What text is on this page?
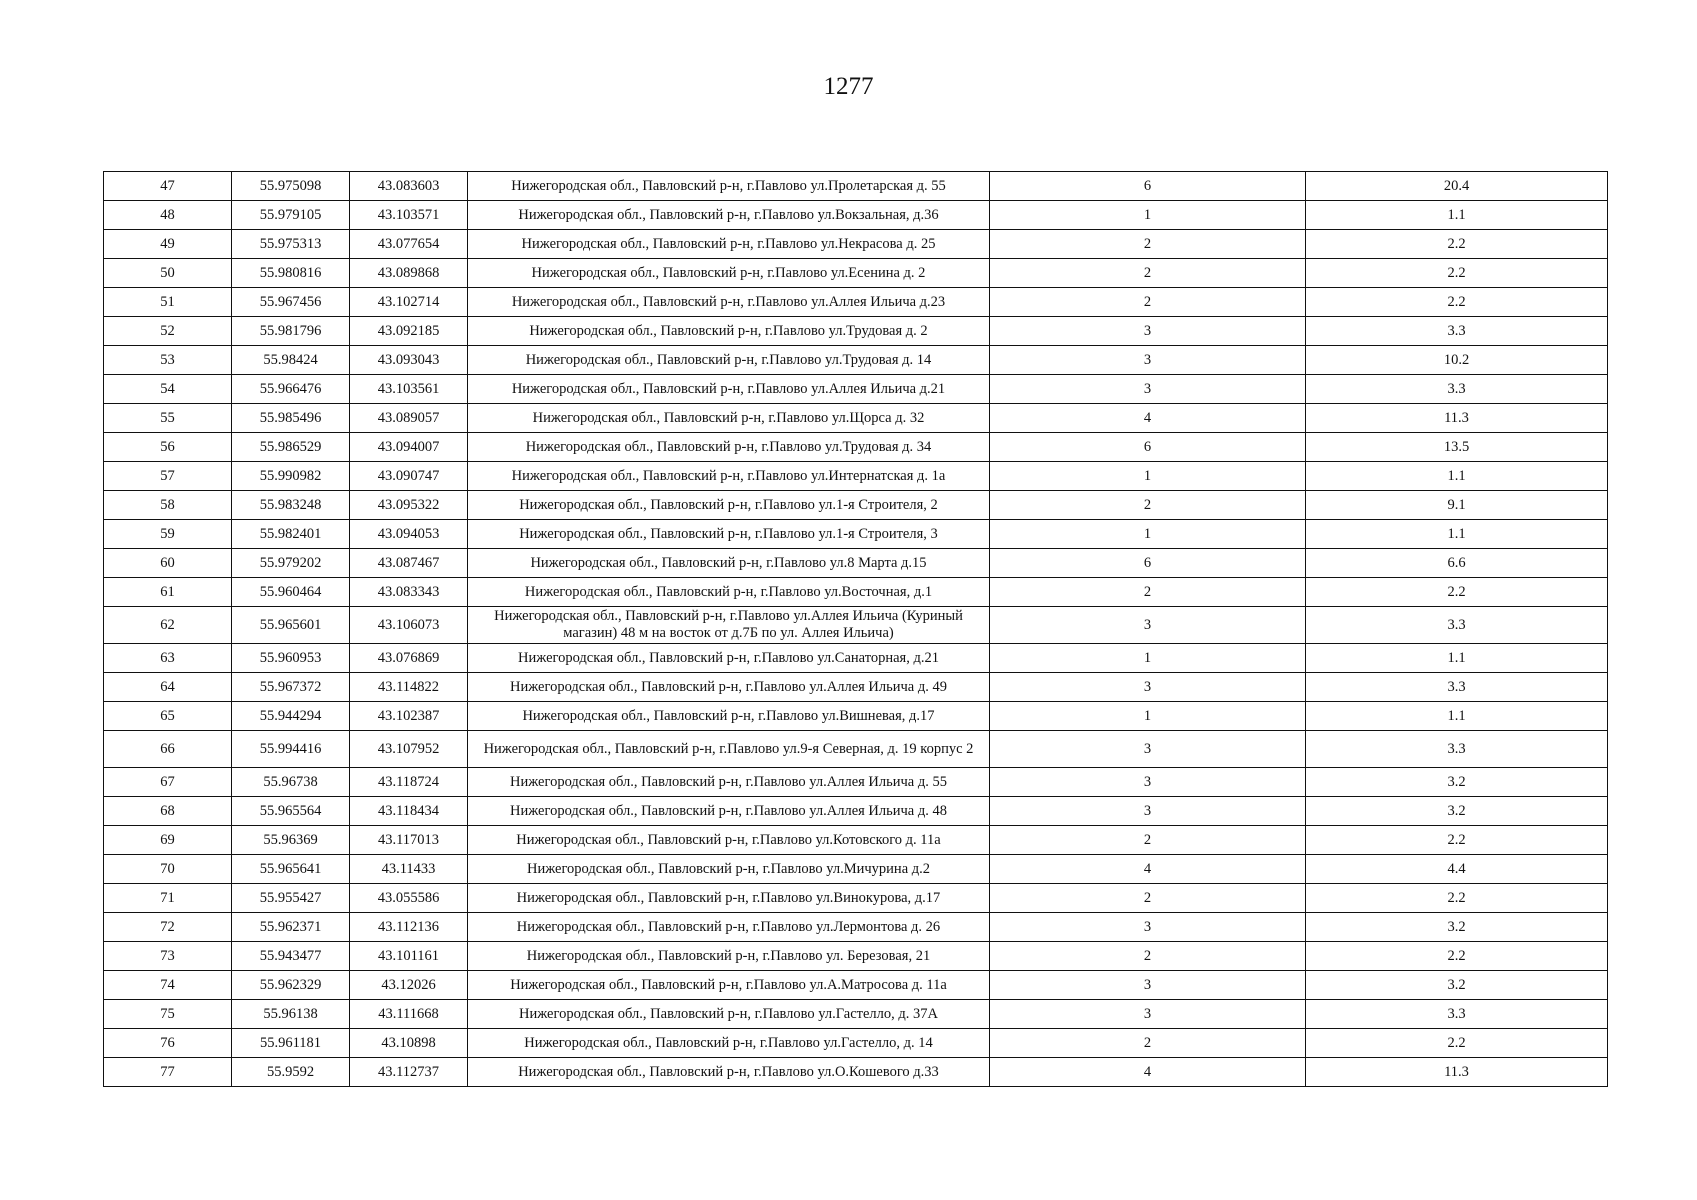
1277
47	55.975098	43.083603	Нижегородская обл., Павловский р-н, г.Павлово ул.Пролетарская д. 55	6	20.4
48	55.979105	43.103571	Нижегородская обл., Павловский р-н, г.Павлово ул.Вокзальная, д.36	1	1.1
49	55.975313	43.077654	Нижегородская обл., Павловский р-н, г.Павлово ул.Некрасова д. 25	2	2.2
50	55.980816	43.089868	Нижегородская обл., Павловский р-н, г.Павлово ул.Есенина д. 2	2	2.2
51	55.967456	43.102714	Нижегородская обл., Павловский р-н, г.Павлово ул.Аллея Ильича д.23	2	2.2
52	55.981796	43.092185	Нижегородская обл., Павловский р-н, г.Павлово ул.Трудовая д. 2	3	3.3
53	55.98424	43.093043	Нижегородская обл., Павловский р-н, г.Павлово ул.Трудовая д. 14	3	10.2
54	55.966476	43.103561	Нижегородская обл., Павловский р-н, г.Павлово ул.Аллея Ильича д.21	3	3.3
55	55.985496	43.089057	Нижегородская обл., Павловский р-н, г.Павлово ул.Щорса д. 32	4	11.3
56	55.986529	43.094007	Нижегородская обл., Павловский р-н, г.Павлово ул.Трудовая д. 34	6	13.5
57	55.990982	43.090747	Нижегородская обл., Павловский р-н, г.Павлово ул.Интернатская д. 1а	1	1.1
58	55.983248	43.095322	Нижегородская обл., Павловский р-н, г.Павлово ул.1-я Строителя, 2	2	9.1
59	55.982401	43.094053	Нижегородская обл., Павловский р-н, г.Павлово ул.1-я Строителя, 3	1	1.1
60	55.979202	43.087467	Нижегородская обл., Павловский р-н, г.Павлово ул.8 Марта д.15	6	6.6
61	55.960464	43.083343	Нижегородская обл., Павловский р-н, г.Павлово ул.Восточная, д.1	2	2.2
62	55.965601	43.106073	Нижегородская обл., Павловский р-н, г.Павлово ул.Аллея Ильича (Куриный магазин) 48 м на восток от д.7Б по ул. Аллея Ильича)	3	3.3
63	55.960953	43.076869	Нижегородская обл., Павловский р-н, г.Павлово ул.Санаторная, д.21	1	1.1
64	55.967372	43.114822	Нижегородская обл., Павловский р-н, г.Павлово ул.Аллея Ильича д. 49	3	3.3
65	55.944294	43.102387	Нижегородская обл., Павловский р-н, г.Павлово ул.Вишневая, д.17	1	1.1
66	55.994416	43.107952	Нижегородская обл., Павловский р-н, г.Павлово ул.9-я Северная, д. 19 корпус 2	3	3.3
67	55.96738	43.118724	Нижегородская обл., Павловский р-н, г.Павлово ул.Аллея Ильича д. 55	3	3.2
68	55.965564	43.118434	Нижегородская обл., Павловский р-н, г.Павлово ул.Аллея Ильича д. 48	3	3.2
69	55.96369	43.117013	Нижегородская обл., Павловский р-н, г.Павлово ул.Котовского д. 11а	2	2.2
70	55.965641	43.11433	Нижегородская обл., Павловский р-н, г.Павлово ул.Мичурина д.2	4	4.4
71	55.955427	43.055586	Нижегородская обл., Павловский р-н, г.Павлово ул.Винокурова, д.17	2	2.2
72	55.962371	43.112136	Нижегородская обл., Павловский р-н, г.Павлово ул.Лермонтова д. 26	3	3.2
73	55.943477	43.101161	Нижегородская обл., Павловский р-н, г.Павлово ул. Березовая, 21	2	2.2
74	55.962329	43.12026	Нижегородская обл., Павловский р-н, г.Павлово ул.А.Матросова д. 11а	3	3.2
75	55.96138	43.111668	Нижегородская обл., Павловский р-н, г.Павлово ул.Гастелло, д. 37А	3	3.3
76	55.961181	43.10898	Нижегородская обл., Павловский р-н, г.Павлово ул.Гастелло, д. 14	2	2.2
77	55.9592	43.112737	Нижегородская обл., Павловский р-н, г.Павлово ул.О.Кошевого д.33	4	11.3
